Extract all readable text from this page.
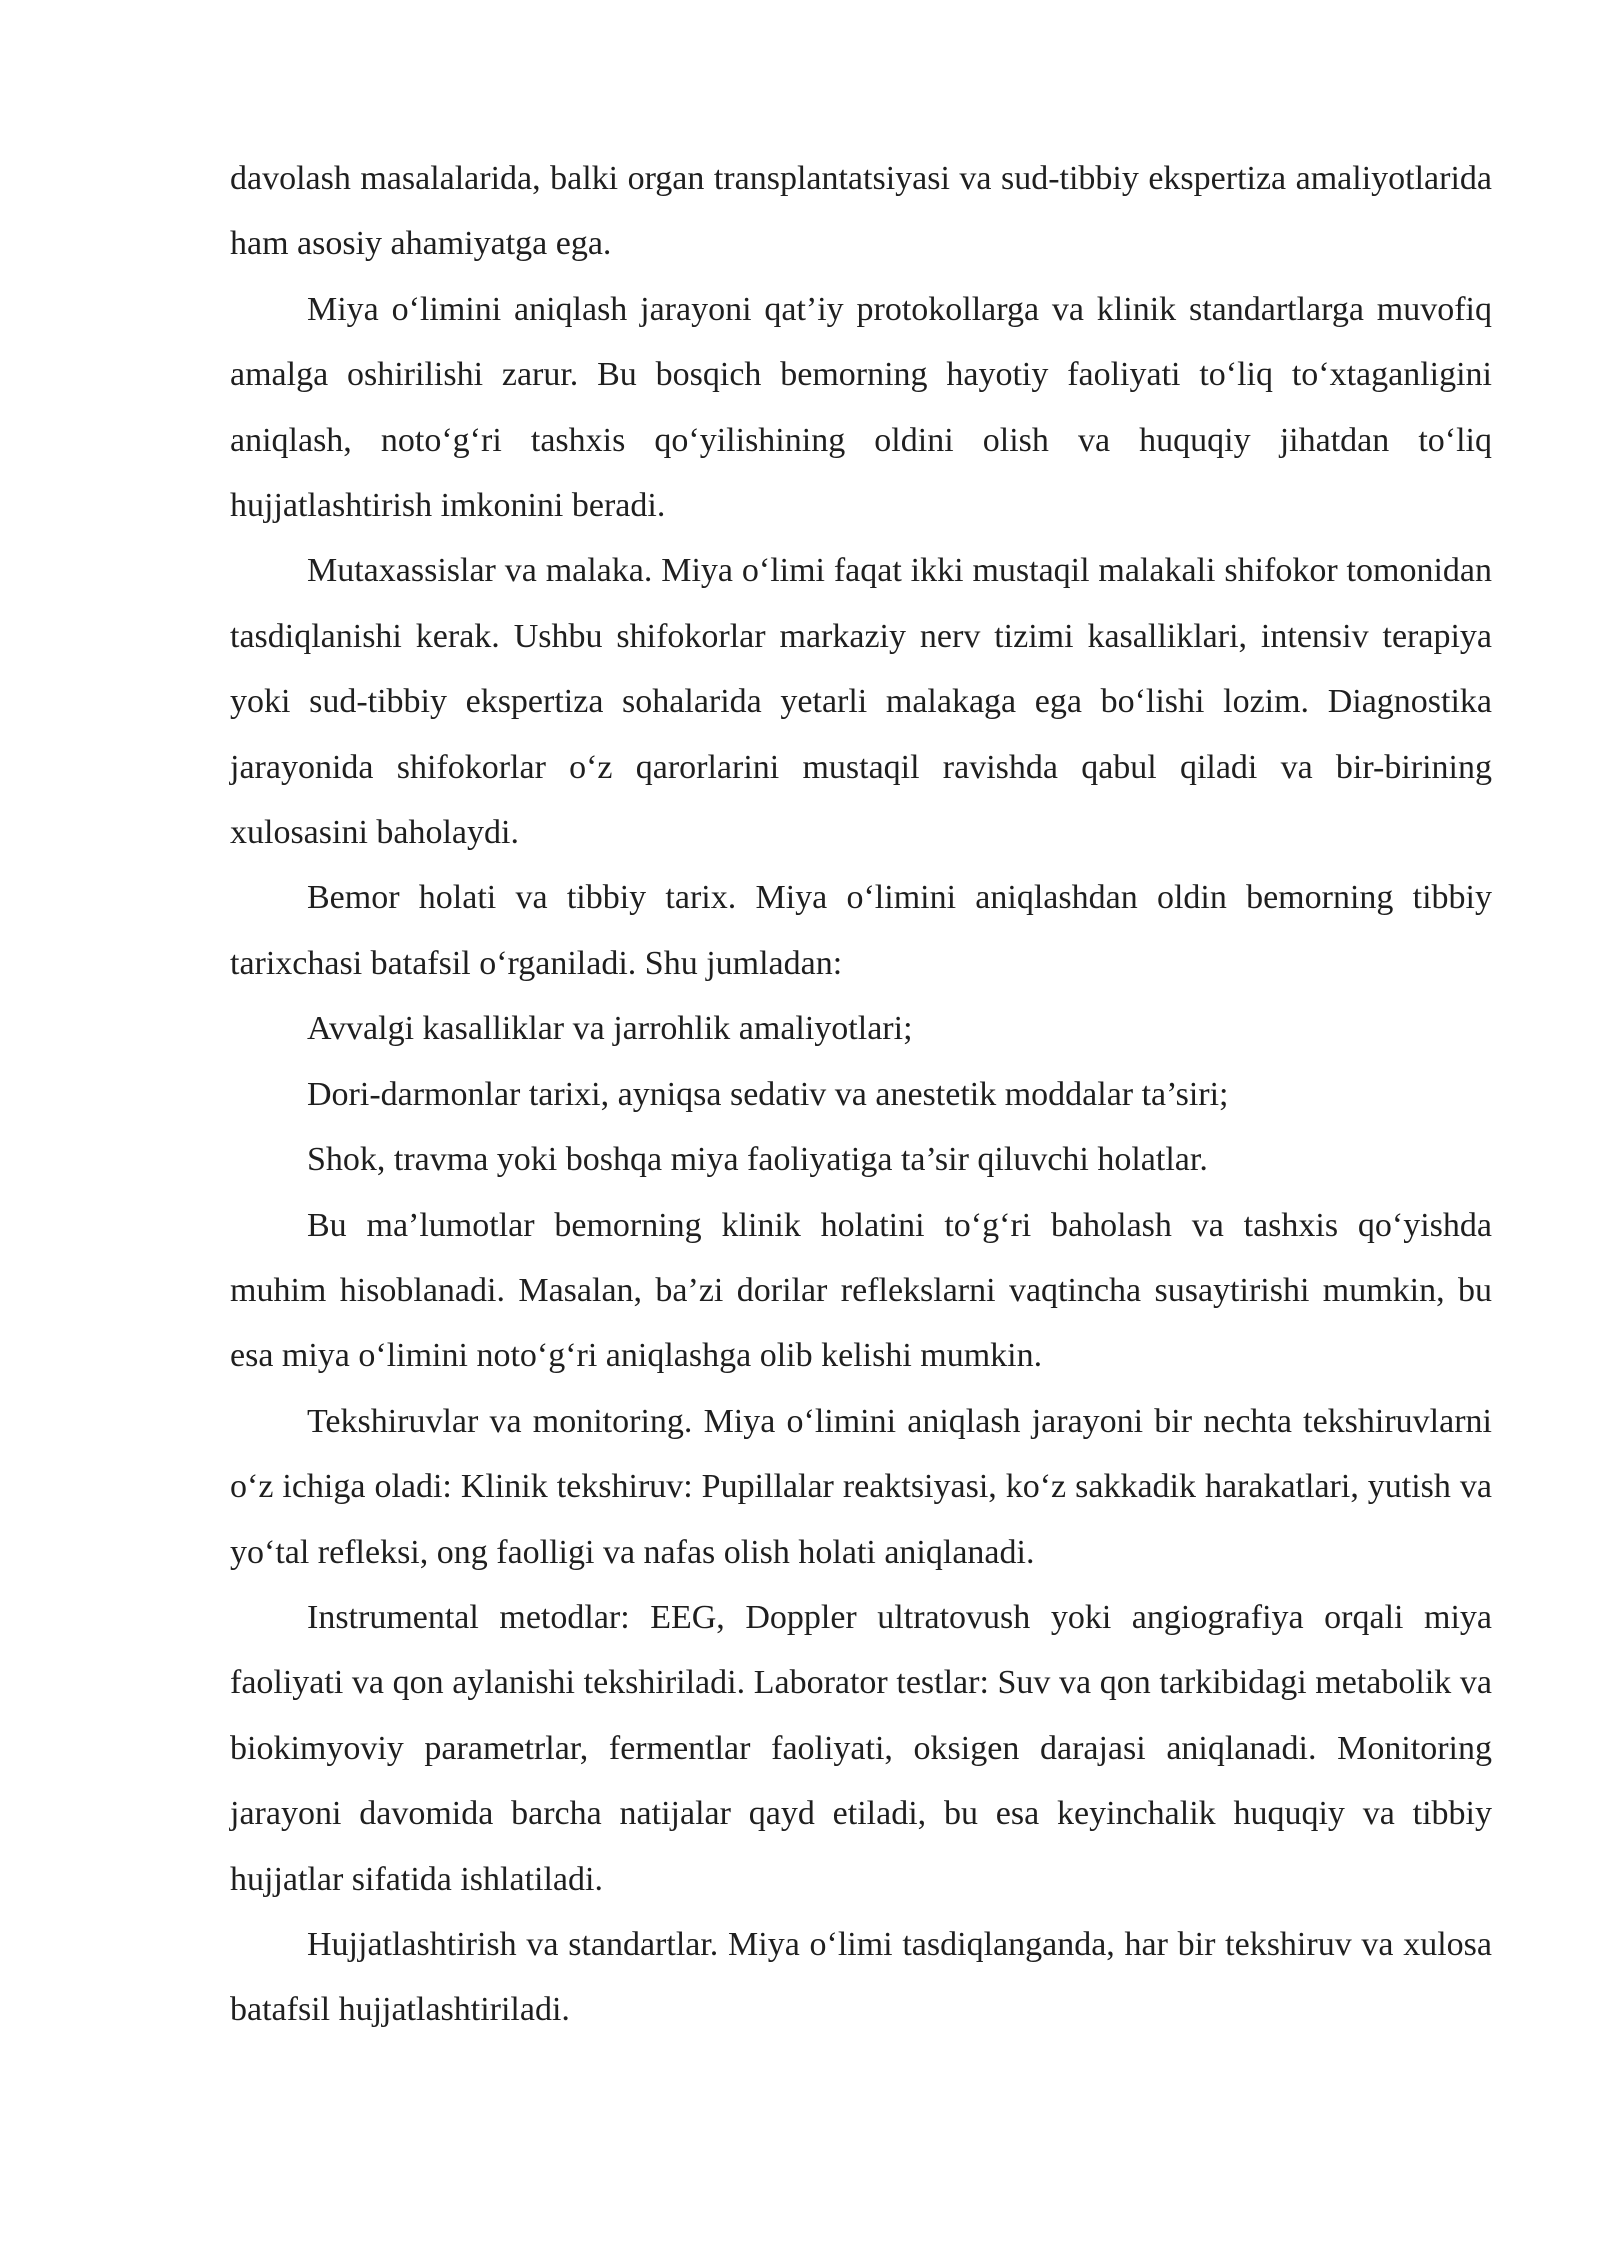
davolash masalalarida, balki organ transplantatsiyasi va sud-tibbiy ekspertiza amaliyotlarida ham asosiy ahamiyatga ega.

Miya o‘limini aniqlash jarayoni qat’iy protokollarga va klinik standartlarga muvofiq amalga oshirilishi zarur. Bu bosqich bemorning hayotiy faoliyati to‘liq to‘xtaganligini aniqlash, noto‘g‘ri tashxis qo‘yilishining oldini olish va huquqiy jihatdan to‘liq hujjatlashtirish imkonini beradi.

Mutaxassislar va malaka. Miya o‘limi faqat ikki mustaqil malakali shifokor tomonidan tasdiqlanishi kerak. Ushbu shifokorlar markaziy nerv tizimi kasalliklari, intensiv terapiya yoki sud-tibbiy ekspertiza sohalarida yetarli malakaga ega bo‘lishi lozim. Diagnostika jarayonida shifokorlar o‘z qarorlarini mustaqil ravishda qabul qiladi va bir-birining xulosasini baholaydi.

Bemor holati va tibbiy tarix. Miya o‘limini aniqlashdan oldin bemorning tibbiy tarixchasi batafsil o‘rganiladi. Shu jumladan:

Avvalgi kasalliklar va jarrohlik amaliyotlari;

Dori-darmonlar tarixi, ayniqsa sedativ va anestetik moddalar ta’siri;

Shok, travma yoki boshqa miya faoliyatiga ta’sir qiluvchi holatlar.

Bu ma’lumotlar bemorning klinik holatini to‘g‘ri baholash va tashxis qo‘yishda muhim hisoblanadi. Masalan, ba’zi dorilar reflekslarni vaqtincha susaytirishi mumkin, bu esa miya o‘limini noto‘g‘ri aniqlashga olib kelishi mumkin.

Tekshiruvlar va monitoring. Miya o‘limini aniqlash jarayoni bir nechta tekshiruvlarni o‘z ichiga oladi: Klinik tekshiruv: Pupillalar reaktsiyasi, ko‘z sakkadik harakatlari, yutish va yo‘tal refleksi, ong faolligi va nafas olish holati aniqlanadi.

Instrumental metodlar: EEG, Doppler ultratovush yoki angiografiya orqali miya faoliyati va qon aylanishi tekshiriladi. Laborator testlar: Suv va qon tarkibidagi metabolik va biokimyoviy parametrlar, fermentlar faoliyati, oksigen darajasi aniqlanadi. Monitoring jarayoni davomida barcha natijalar qayd etiladi, bu esa keyinchalik huquqiy va tibbiy hujjatlar sifatida ishlatiladi.

Hujjatlashtirish va standartlar. Miya o‘limi tasdiqlanganda, har bir tekshiruv va xulosa batafsil hujjatlashtiriladi.
